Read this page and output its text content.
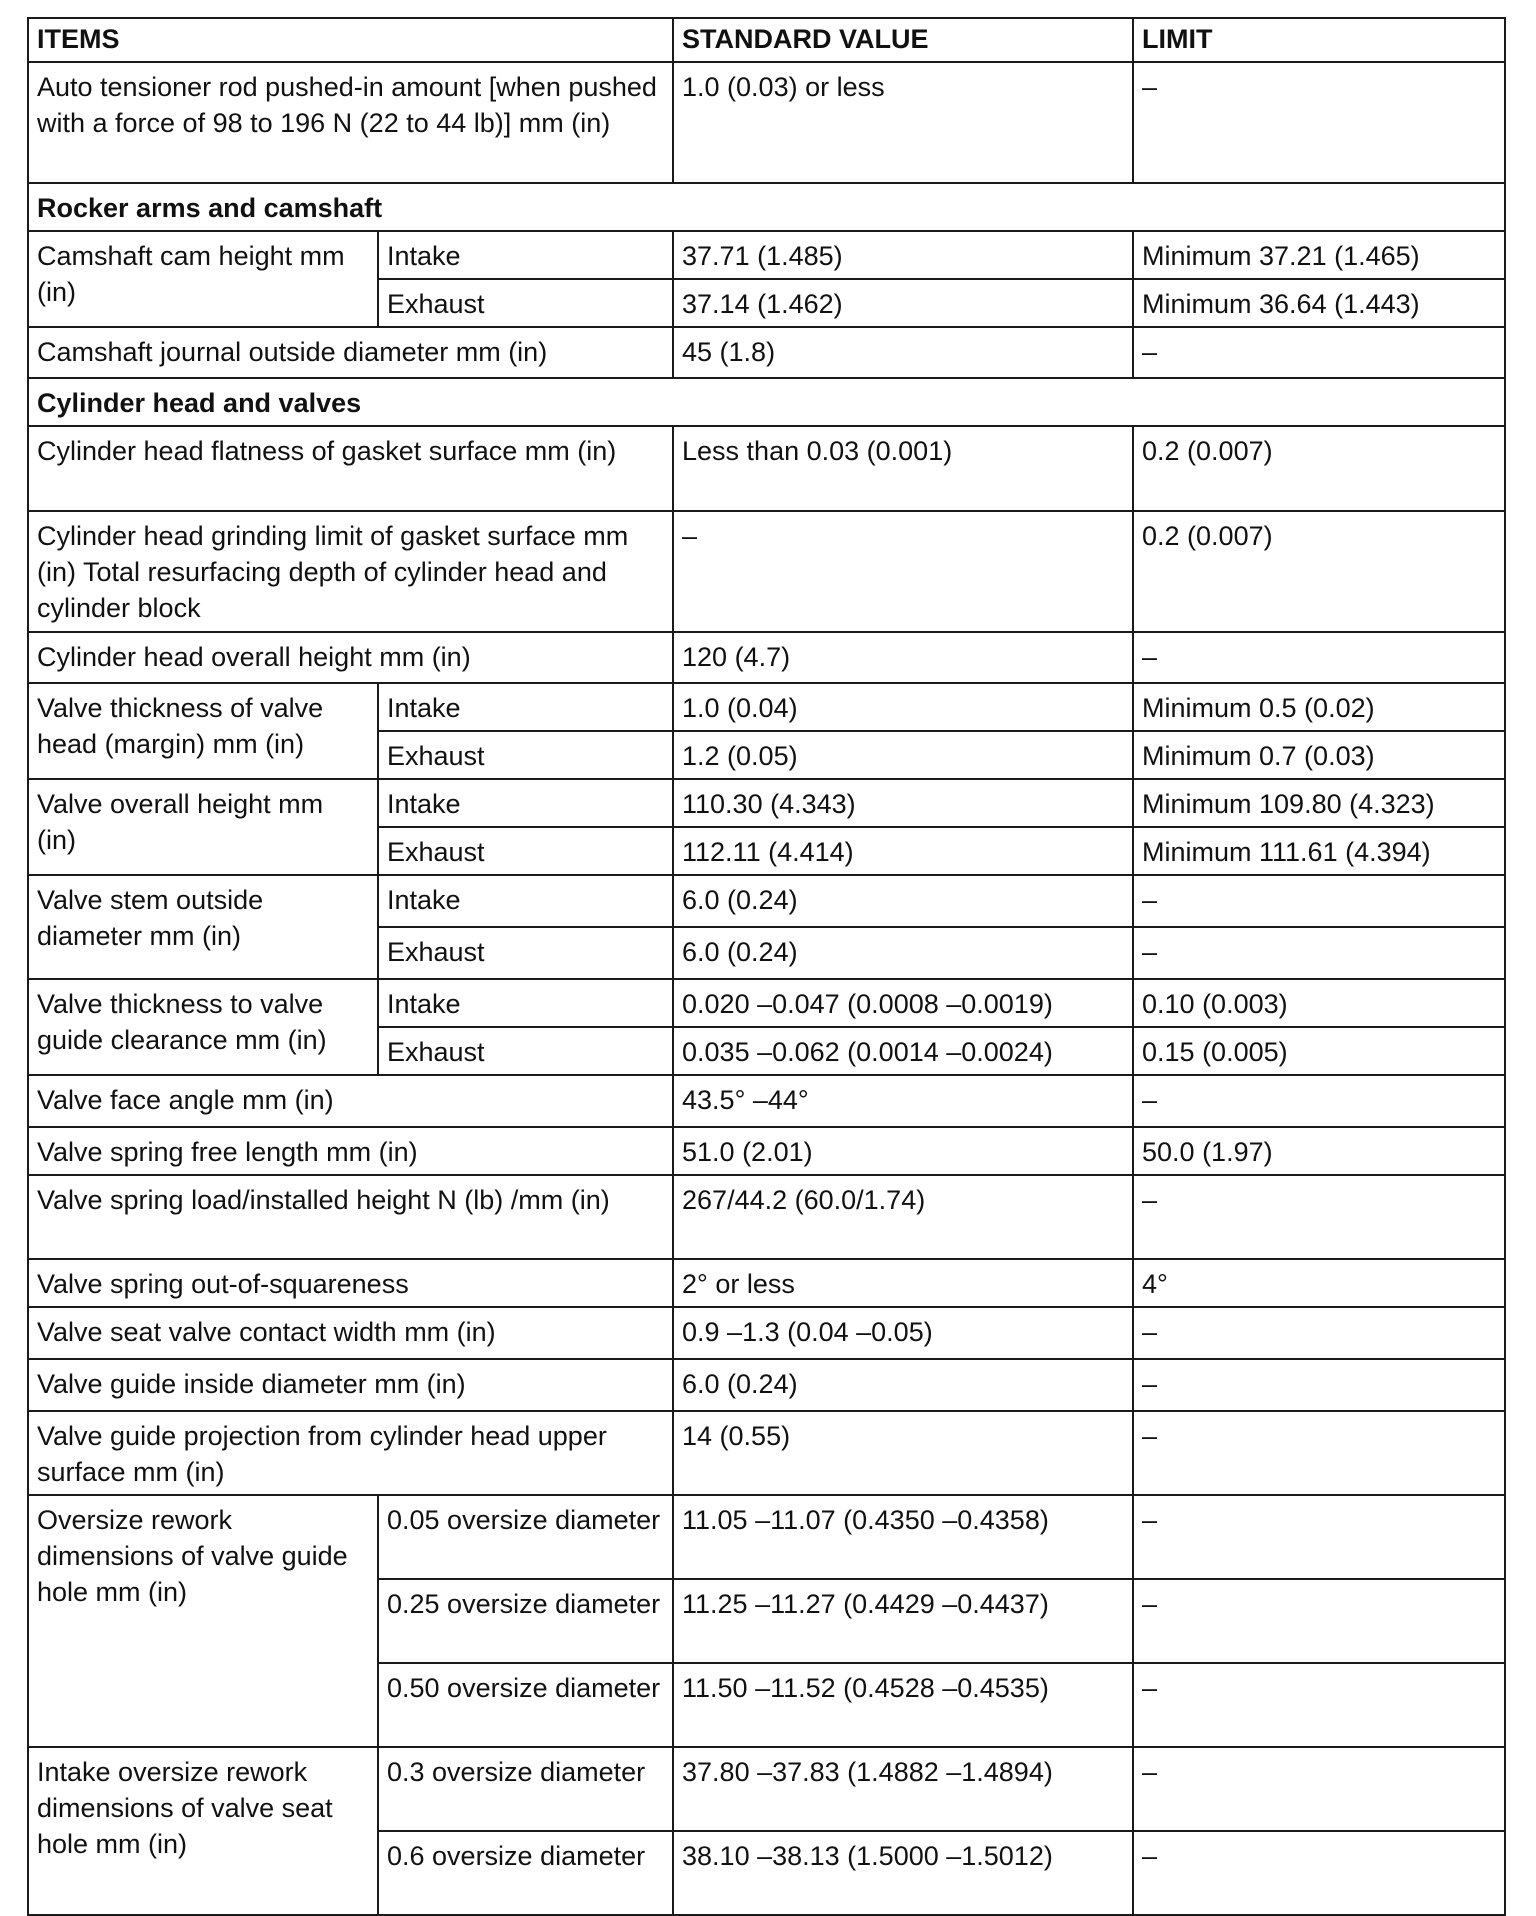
ITEMS		STANDARD VALUE	LIMIT
Auto tensioner rod pushed-in amount [when pushed with a force of 98 to 196 N (22 to 44 lb)] mm (in)		1.0 (0.03) or less	–
Rocker arms and camshaft			
Camshaft cam height mm (in)	Intake	37.71 (1.485)	Minimum 37.21 (1.465)
	Exhaust	37.14 (1.462)	Minimum 36.64 (1.443)
Camshaft journal outside diameter mm (in)		45 (1.8)	–
Cylinder head and valves			
Cylinder head flatness of gasket surface mm (in)		Less than 0.03 (0.001)	0.2 (0.007)
Cylinder head grinding limit of gasket surface mm (in) Total resurfacing depth of cylinder head and cylinder block		–	0.2 (0.007)
Cylinder head overall height mm (in)		120 (4.7)	–
Valve thickness of valve head (margin) mm (in)	Intake	1.0 (0.04)	Minimum 0.5 (0.02)
	Exhaust	1.2 (0.05)	Minimum 0.7 (0.03)
Valve overall height mm (in)	Intake	110.30 (4.343)	Minimum 109.80 (4.323)
	Exhaust	112.11 (4.414)	Minimum 111.61 (4.394)
Valve stem outside diameter mm (in)	Intake	6.0 (0.24)	–
	Exhaust	6.0 (0.24)	–
Valve thickness to valve guide clearance mm (in)	Intake	0.020 –0.047 (0.0008 –0.0019)	0.10 (0.003)
	Exhaust	0.035 –0.062 (0.0014 –0.0024)	0.15 (0.005)
Valve face angle mm (in)		43.5° –44°	–
Valve spring free length mm (in)		51.0 (2.01)	50.0 (1.97)
Valve spring load/installed height N (lb) /mm (in)		267/44.2 (60.0/1.74)	–
Valve spring out-of-squareness		2° or less	4°
Valve seat valve contact width mm (in)		0.9 –1.3 (0.04 –0.05)	–
Valve guide inside diameter mm (in)		6.0 (0.24)	–
Valve guide projection from cylinder head upper surface mm (in)		14 (0.55)	–
Oversize rework dimensions of valve guide hole mm (in)	0.05 oversize diameter	11.05 –11.07 (0.4350 –0.4358)	–
	0.25 oversize diameter	11.25 –11.27 (0.4429 –0.4437)	–
	0.50 oversize diameter	11.50 –11.52 (0.4528 –0.4535)	–
Intake oversize rework dimensions of valve seat hole mm (in)	0.3 oversize diameter	37.80 –37.83 (1.4882 –1.4894)	–
	0.6 oversize diameter	38.10 –38.13 (1.5000 –1.5012)	–
